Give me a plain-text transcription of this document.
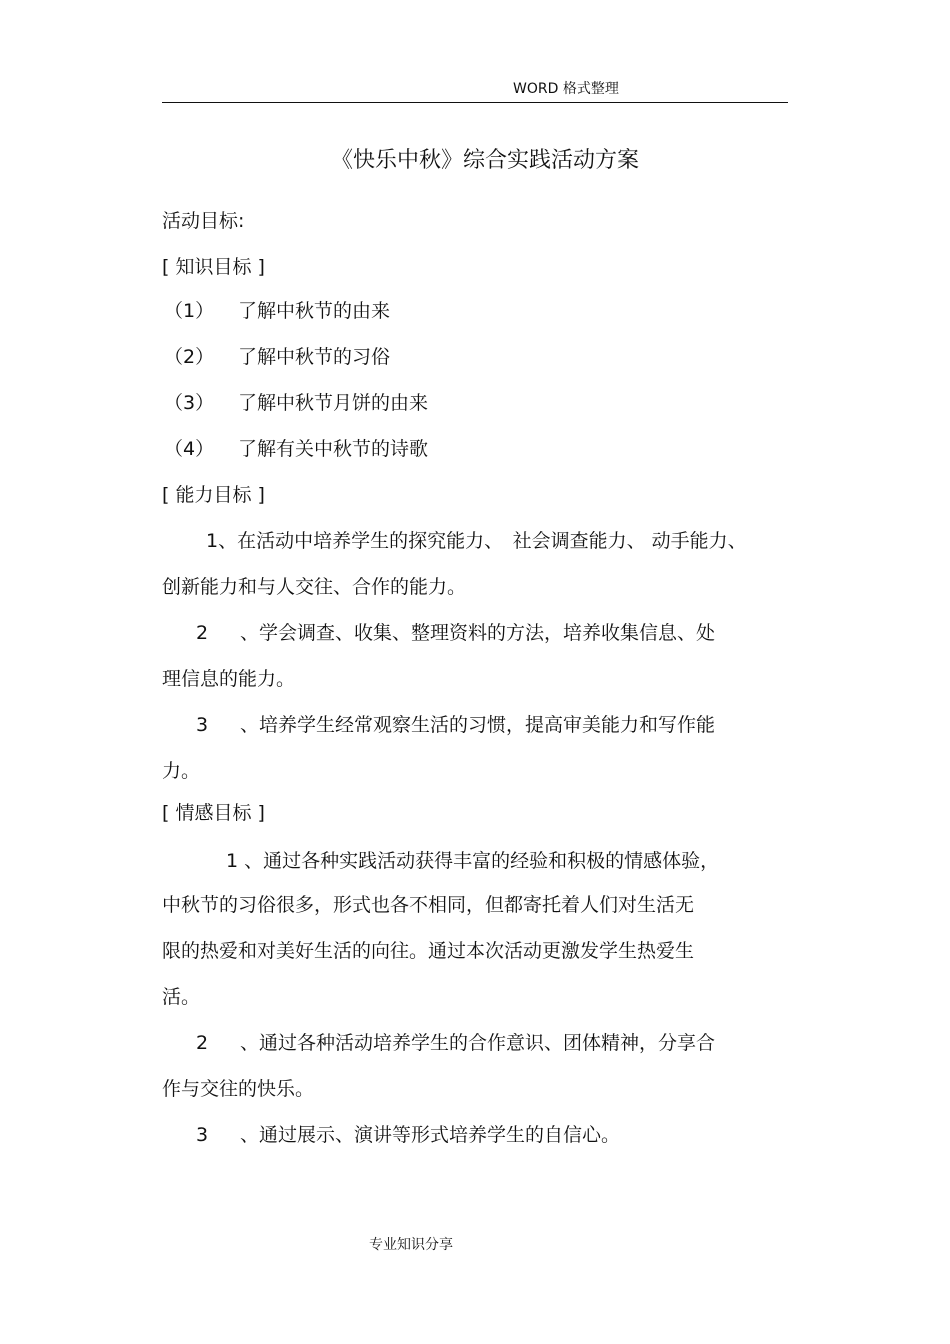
WORD 格式整理
《快乐中秋》综合实践活动方案
活动目标:
[ 知识目标 ]
（1） 了解中秋节的由来
（2） 了解中秋节的习俗
（3） 了解中秋节月饼的由来
（4） 了解有关中秋节的诗歌
[ 能力目标 ]
1、在活动中培养学生的探究能力、　社会调查能力、 动手能力、
创新能力和与人交往、合作的能力。
2 、学会调查、收集、整理资料的方法，培养收集信息、处
理信息的能力。
3 、培养学生经常观察生活的习惯，提高审美能力和写作能
力。
[ 情感目标 ]
1 、通过各种实践活动获得丰富的经验和积极的情感体验，
中秋节的习俗很多，形式也各不相同，但都寄托着人们对生活无
限的热爱和对美好生活的向往。通过本次活动更激发学生热爱生
活。
2 、通过各种活动培养学生的合作意识、团体精神，分享合
作与交往的快乐。
3 、通过展示、演讲等形式培养学生的自信心。
专业知识分享
